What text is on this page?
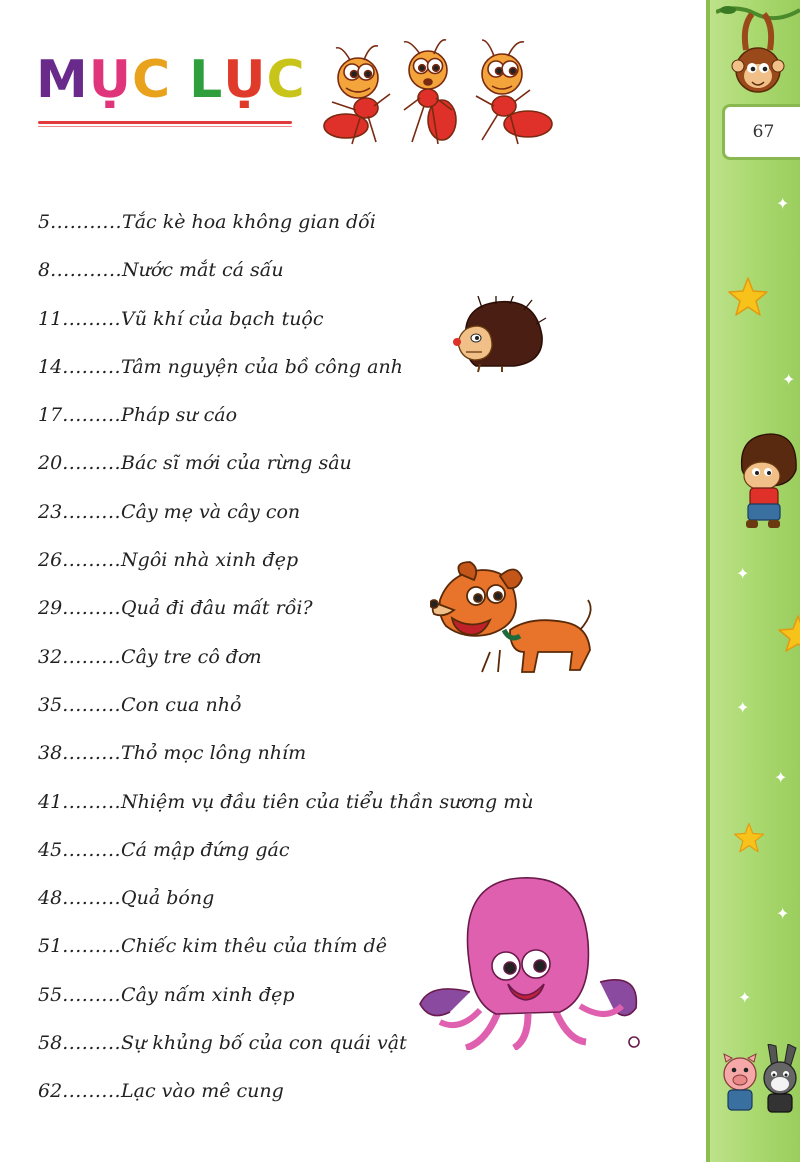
MỤC LỤC
5...........Tắc kè hoa không gian dối
8...........Nước mắt cá sấu
11.........Vũ khí của bạch tuộc
14.........Tâm nguyện của bồ công anh
17.........Pháp sư cáo
20.........Bác sĩ mới của rừng sâu
23.........Cây mẹ và cây con
26.........Ngôi nhà xinh đẹp
29.........Quả đi đâu mất rồi?
32.........Cây tre cô đơn
35.........Con cua nhỏ
38.........Thỏ mọc lông nhím
41.........Nhiệm vụ đầu tiên của tiểu thần sương mù
45.........Cá mập đứng gác
48.........Quả bóng
51.........Chiếc kim thêu của thím dê
55.........Cây nấm xinh đẹp
58.........Sự khủng bố của con quái vật
62.........Lạc vào mê cung
67
✦
✦
✦
✦
✦
✦
✦
